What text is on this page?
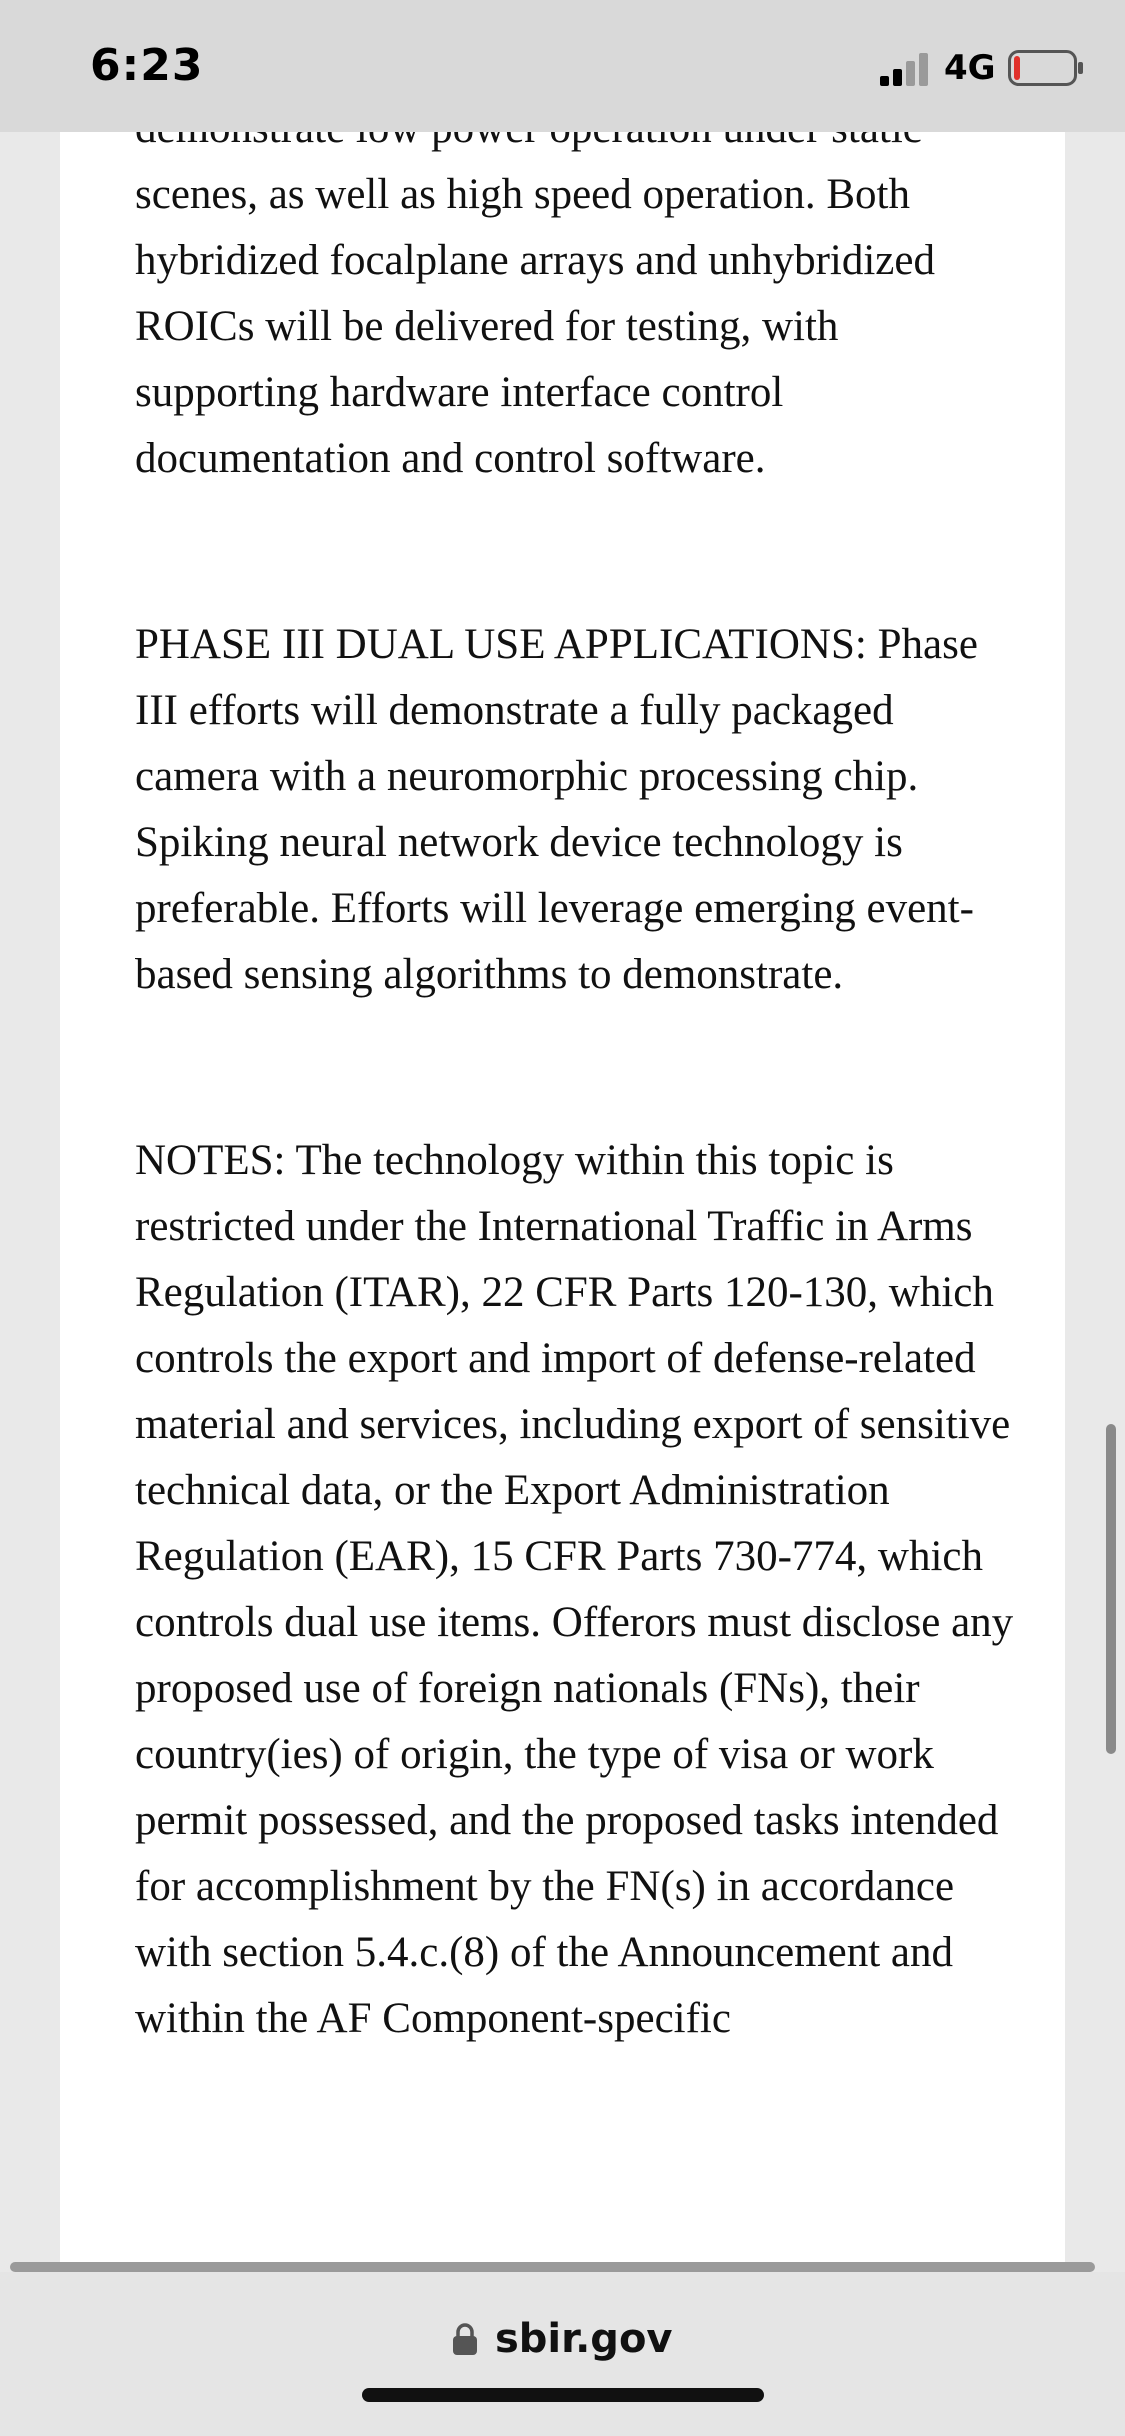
6:23	4G

scenes, as well as high speed operation. Both hybridized focalplane arrays and unhybridized ROICs will be delivered for testing, with supporting hardware interface control documentation and control software.

PHASE III DUAL USE APPLICATIONS: Phase III efforts will demonstrate a fully packaged camera with a neuromorphic processing chip. Spiking neural network device technology is preferable. Efforts will leverage emerging event-based sensing algorithms to demonstrate.

NOTES: The technology within this topic is restricted under the International Traffic in Arms Regulation (ITAR), 22 CFR Parts 120-130, which controls the export and import of defense-related material and services, including export of sensitive technical data, or the Export Administration Regulation (EAR), 15 CFR Parts 730-774, which controls dual use items. Offerors must disclose any proposed use of foreign nationals (FNs), their country(ies) of origin, the type of visa or work permit possessed, and the proposed tasks intended for accomplishment by the FN(s) in accordance with section 5.4.c.(8) of the Announcement and within the AF Component-specific

sbir.gov
